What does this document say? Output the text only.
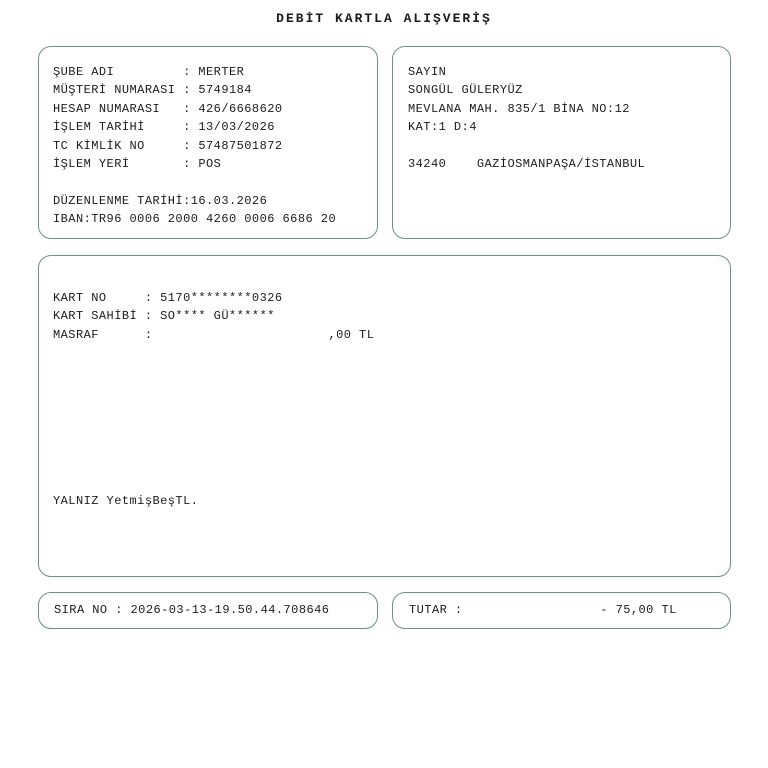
DEBİT KARTLA ALIŞVERİŞ
ŞUBE ADI         : MERTER
MÜŞTERİ NUMARASI : 5749184
HESAP NUMARASI   : 426/6668620
İŞLEM TARİHİ     : 13/03/2026
TC KİMLİK NO     : 57487501872
İŞLEM YERİ       : POS

DÜZENLENME TARİHİ:16.03.2026
IBAN:TR96 0006 2000 4260 0006 6686 20
SAYIN
SONGÜL GÜLERYÜZ
MEVLANA MAH. 835/1 BİNA NO:12
KAT:1 D:4

34240    GAZİOSMANPAŞA/İSTANBUL
KART NO     : 5170********0326
KART SAHİBİ : SO**** GÜ******
MASRAF      :                       ,00 TL
YALNIZ YetmişBeşTL.
SIRA NO : 2026-03-13-19.50.44.708646	TUTAR :                  - 75,00 TL
